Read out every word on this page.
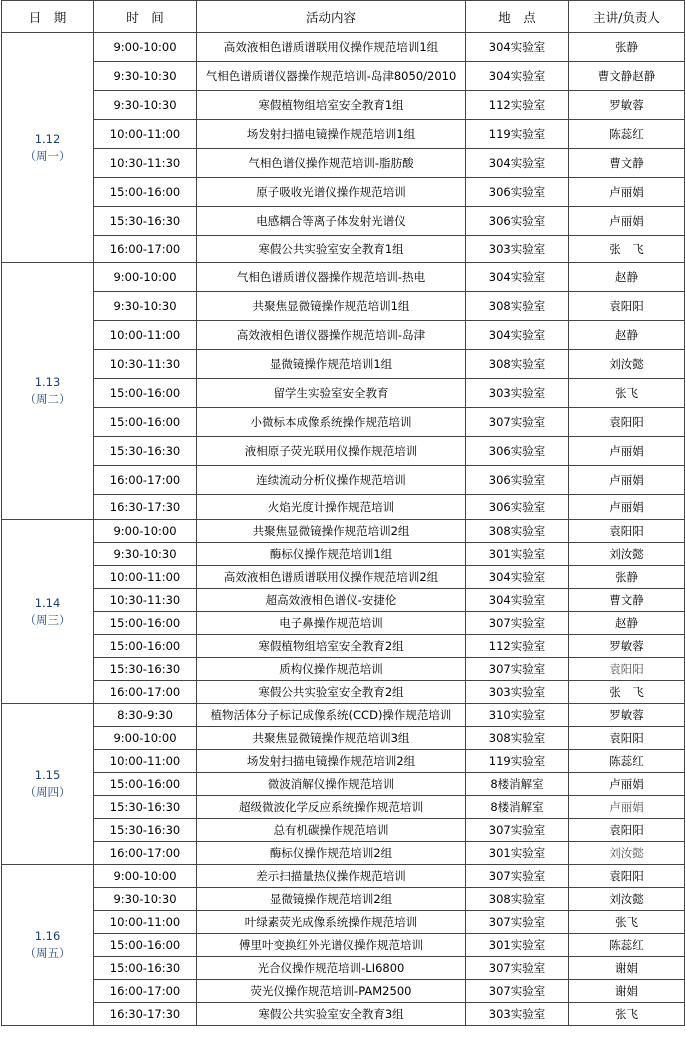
日　期	时　间	活动内容	地　点	主讲/负责人

1.12
（周一）	9:00-10:00	高效液相色谱质谱联用仪操作规范培训1组	304实验室	张静
	9:30-10:30	气相色谱质谱仪器操作规范培训-岛津8050/2010	304实验室	曹文静赵静
	9:30-10:30	寒假植物组培室安全教育1组	112实验室	罗敏蓉
	10:00-11:00	场发射扫描电镜操作规范培训1组	119实验室	陈蕊红
	10:30-11:30	气相色谱仪操作规范培训-脂肪酸	304实验室	曹文静
	15:00-16:00	原子吸收光谱仪操作规范培训	306实验室	卢丽娟
	15:30-16:30	电感耦合等离子体发射光谱仪	306实验室	卢丽娟
	16:00-17:00	寒假公共实验室安全教育1组	303实验室	张　飞

1.13
（周二）	9:00-10:00	气相色谱质谱仪器操作规范培训-热电	304实验室	赵静
	9:30-10:30	共聚焦显微镜操作规范培训1组	308实验室	袁阳阳
	10:00-11:00	高效液相色谱仪器操作规范培训-岛津	304实验室	赵静
	10:30-11:30	显微镜操作规范培训1组	308实验室	刘汝懿
	15:00-16:00	留学生实验室安全教育	303实验室	张飞
	15:00-16:00	小微标本成像系统操作规范培训	307实验室	袁阳阳
	15:30-16:30	液相原子荧光联用仪操作规范培训	306实验室	卢丽娟
	16:00-17:00	连续流动分析仪操作规范培训	306实验室	卢丽娟
	16:30-17:30	火焰光度计操作规范培训	306实验室	卢丽娟

1.14
（周三）	9:00-10:00	共聚焦显微镜操作规范培训2组	308实验室	袁阳阳
	9:30-10:30	酶标仪操作规范培训1组	301实验室	刘汝懿
	10:00-11:00	高效液相色谱质谱联用仪操作规范培训2组	304实验室	张静
	10:30-11:30	超高效液相色谱仪-安捷伦	304实验室	曹文静
	15:00-16:00	电子鼻操作规范培训	307实验室	赵静
	15:00-16:00	寒假植物组培室安全教育2组	112实验室	罗敏蓉
	15:30-16:30	质构仪操作规范培训	307实验室	袁阳阳
	16:00-17:00	寒假公共实验室安全教育2组	303实验室	张　飞

1.15
（周四）	8:30-9:30	植物活体分子标记成像系统(CCD)操作规范培训	310实验室	罗敏蓉
	9:00-10:00	共聚焦显微镜操作规范培训3组	308实验室	袁阳阳
	10:00-11:00	场发射扫描电镜操作规范培训2组	119实验室	陈蕊红
	15:00-16:00	微波消解仪操作规范培训	8楼消解室	卢丽娟
	15:30-16:30	超级微波化学反应系统操作规范培训	8楼消解室	卢丽娟
	15:30-16:30	总有机碳操作规范培训	307实验室	袁阳阳
	16:00-17:00	酶标仪操作规范培训2组	301实验室	刘汝懿

1.16
（周五）	9:00-10:00	差示扫描量热仪操作规范培训	307实验室	袁阳阳
	9:30-10:30	显微镜操作规范培训2组	308实验室	刘汝懿
	10:00-11:00	叶绿素荧光成像系统操作规范培训	307实验室	张飞
	15:00-16:00	傅里叶变换红外光谱仪操作规范培训	301实验室	陈蕊红
	15:00-16:30	光合仪操作规范培训-LI6800	307实验室	谢娟
	16:00-17:00	荧光仪操作规范培训-PAM2500	307实验室	谢娟
	16:30-17:30	寒假公共实验室安全教育3组	303实验室	张飞
